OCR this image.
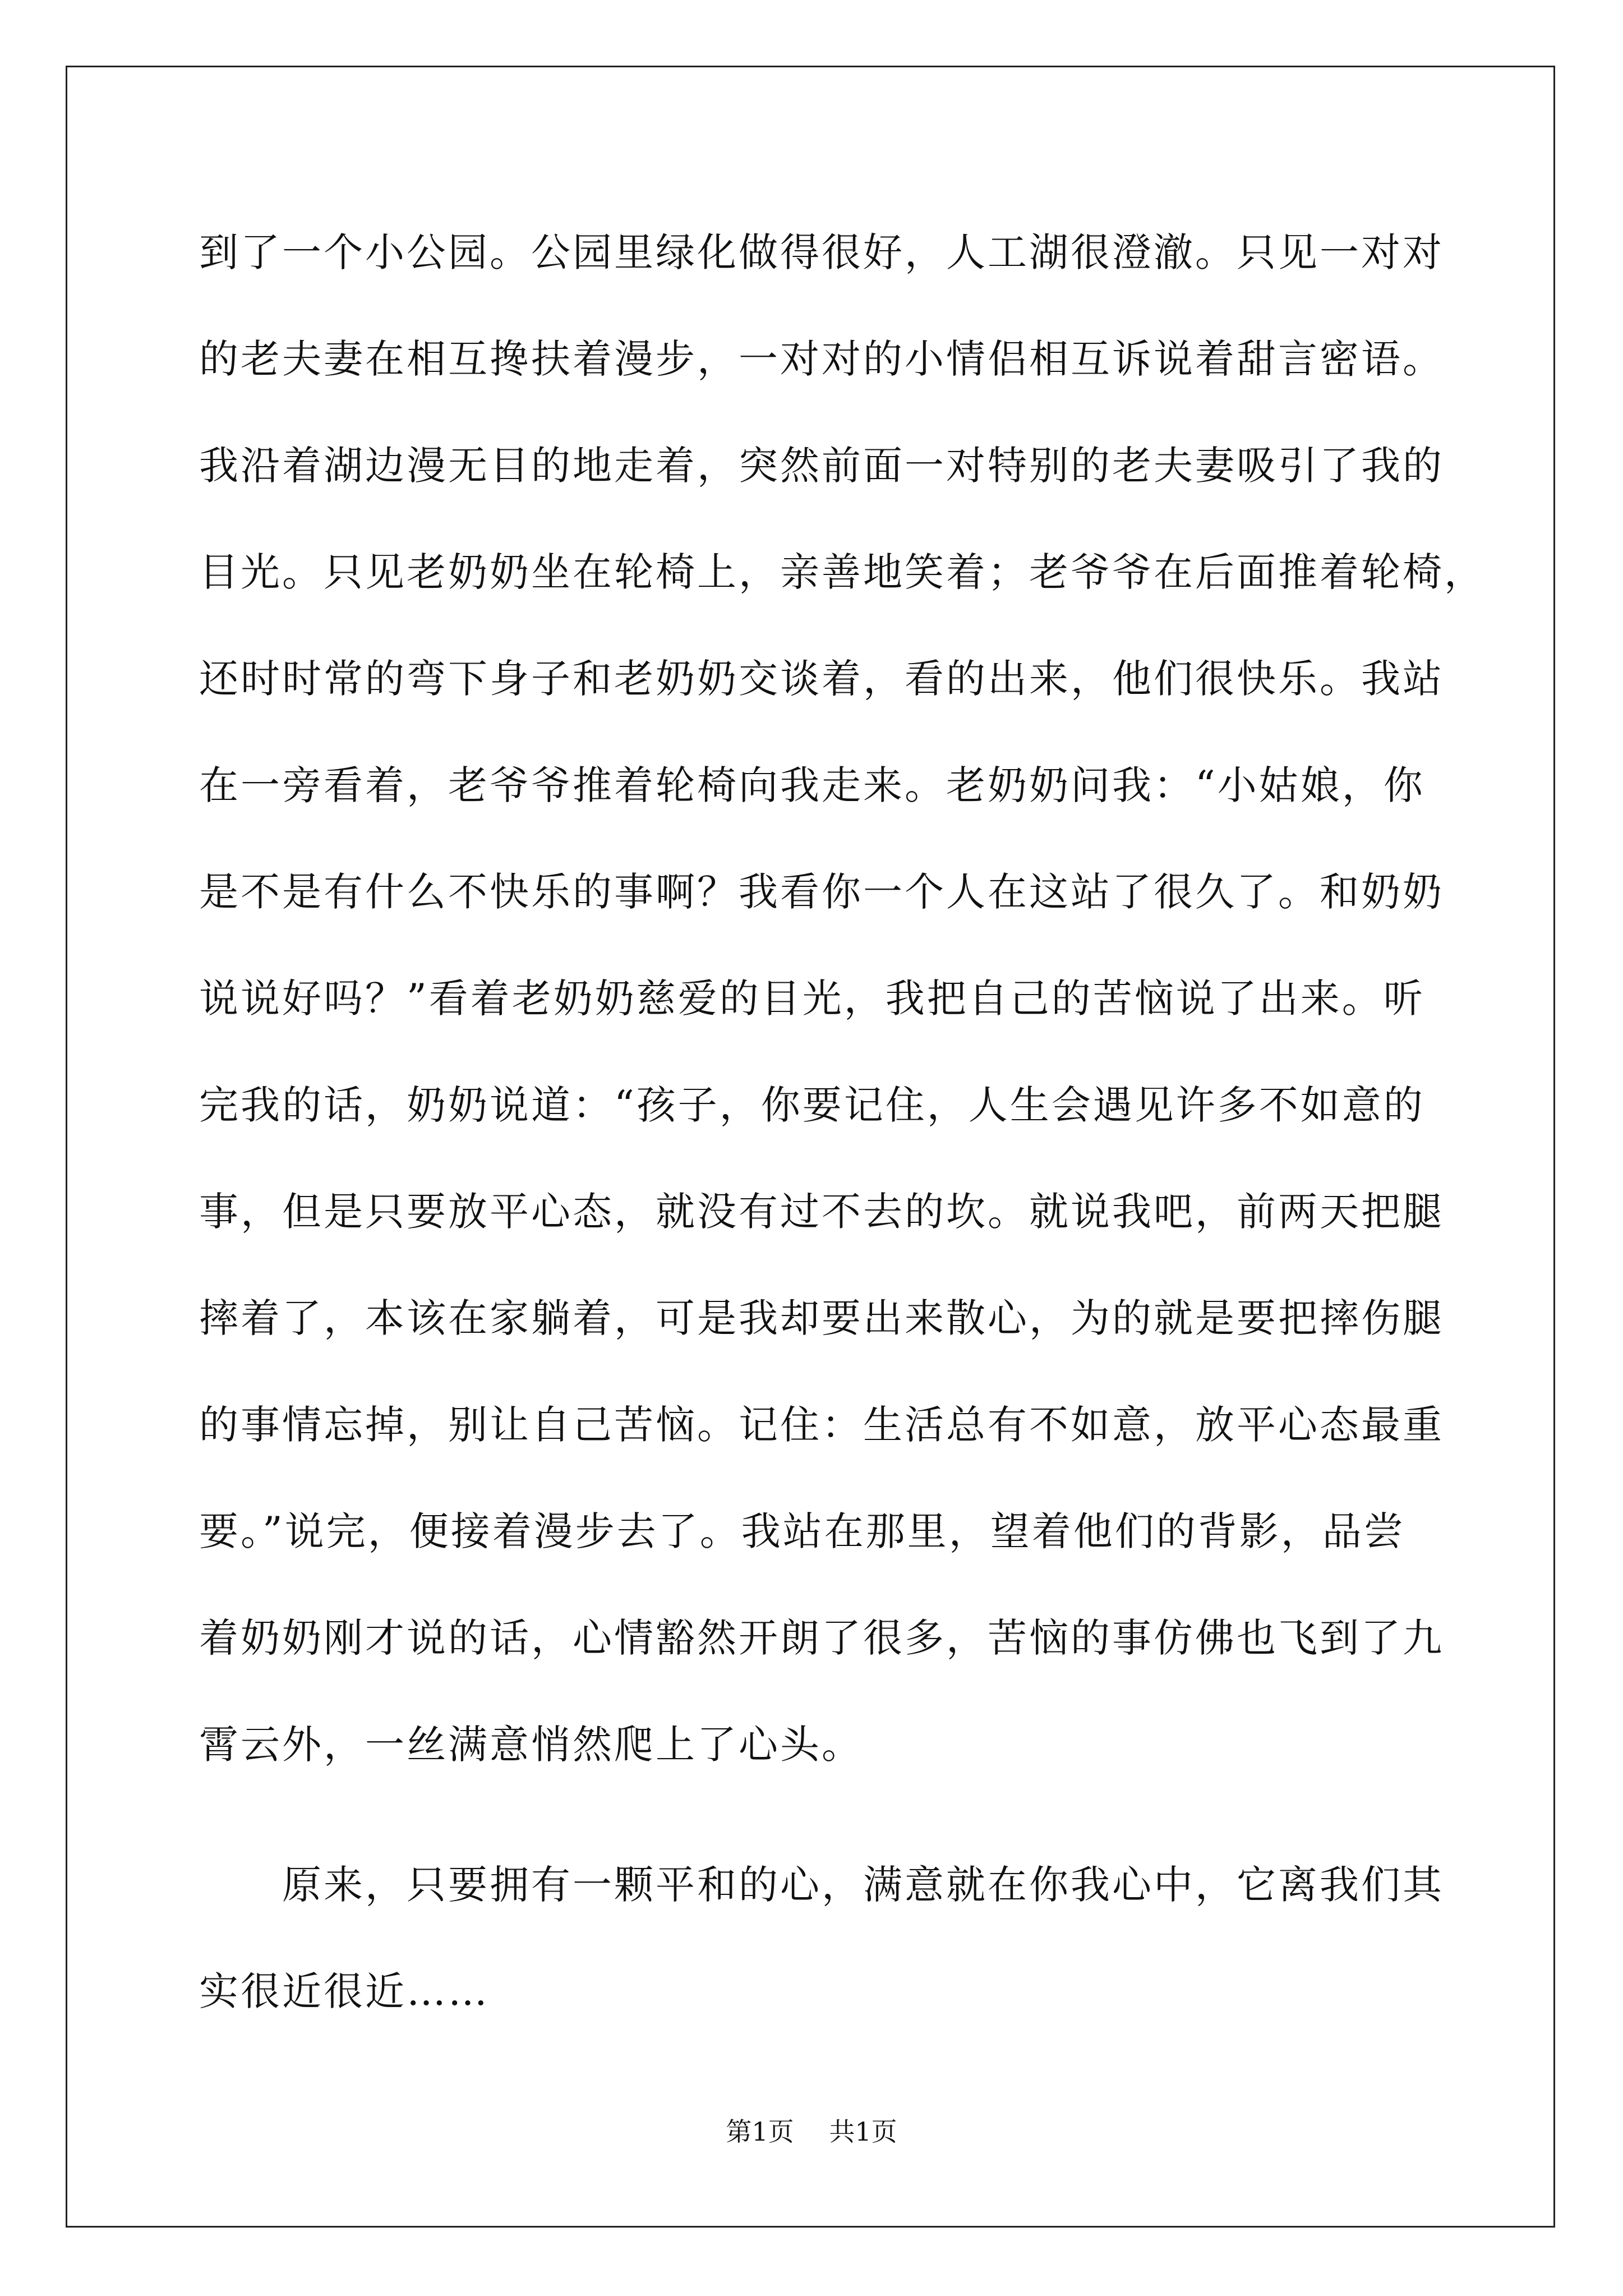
到了一个小公园。公园里绿化做得很好，人工湖很澄澈。只见一对对
的老夫妻在相互搀扶着漫步，一对对的小情侣相互诉说着甜言密语。
我沿着湖边漫无目的地走着，突然前面一对特别的老夫妻吸引了我的
目光。只见老奶奶坐在轮椅上，亲善地笑着；老爷爷在后面推着轮椅，
还时时常的弯下身子和老奶奶交谈着，看的出来，他们很快乐。我站
在一旁看着，老爷爷推着轮椅向我走来。老奶奶问我：“小姑娘，你
是不是有什么不快乐的事啊？我看你一个人在这站了很久了。和奶奶
说说好吗？”看着老奶奶慈爱的目光，我把自己的苦恼说了出来。听
完我的话，奶奶说道：“孩子，你要记住，人生会遇见许多不如意的
事，但是只要放平心态，就没有过不去的坎。就说我吧，前两天把腿
摔着了，本该在家躺着，可是我却要出来散心，为的就是要把摔伤腿
的事情忘掉，别让自己苦恼。记住：生活总有不如意，放平心态最重
要。”说完，便接着漫步去了。我站在那里，望着他们的背影，品尝
着奶奶刚才说的话，心情豁然开朗了很多，苦恼的事仿佛也飞到了九
霄云外，一丝满意悄然爬上了心头。
　　原来，只要拥有一颗平和的心，满意就在你我心中，它离我们其
实很近很近……
第1页 共1页
